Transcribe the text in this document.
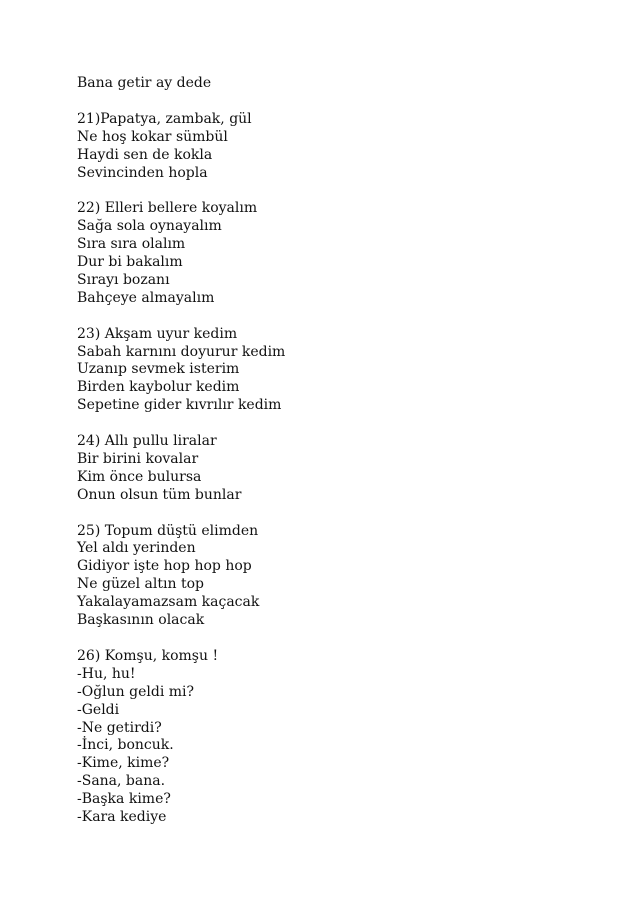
Bana getir ay dede
21)Papatya, zambak, gül
Ne hoş kokar sümbül
Haydi sen de kokla
Sevincinden hopla
22) Elleri bellere koyalım
Sağa sola oynayalım
Sıra sıra olalım
Dur bi bakalım
Sırayı bozanı
Bahçeye almayalım
23) Akşam uyur kedim
Sabah karnını doyurur kedim
Uzanıp sevmek isterim
Birden kaybolur kedim
Sepetine gider kıvrılır kedim
24) Allı pullu liralar
Bir birini kovalar
Kim önce bulursa
Onun olsun tüm bunlar
25) Topum düştü elimden
Yel aldı yerinden
Gidiyor işte hop hop hop
Ne güzel altın top
Yakalayamazsam kaçacak
Başkasının olacak
26) Komşu, komşu !
-Hu, hu!
-Oğlun geldi mi?
-Geldi
-Ne getirdi?
-İnci, boncuk.
-Kime, kime?
-Sana, bana.
-Başka kime?
-Kara kediye
